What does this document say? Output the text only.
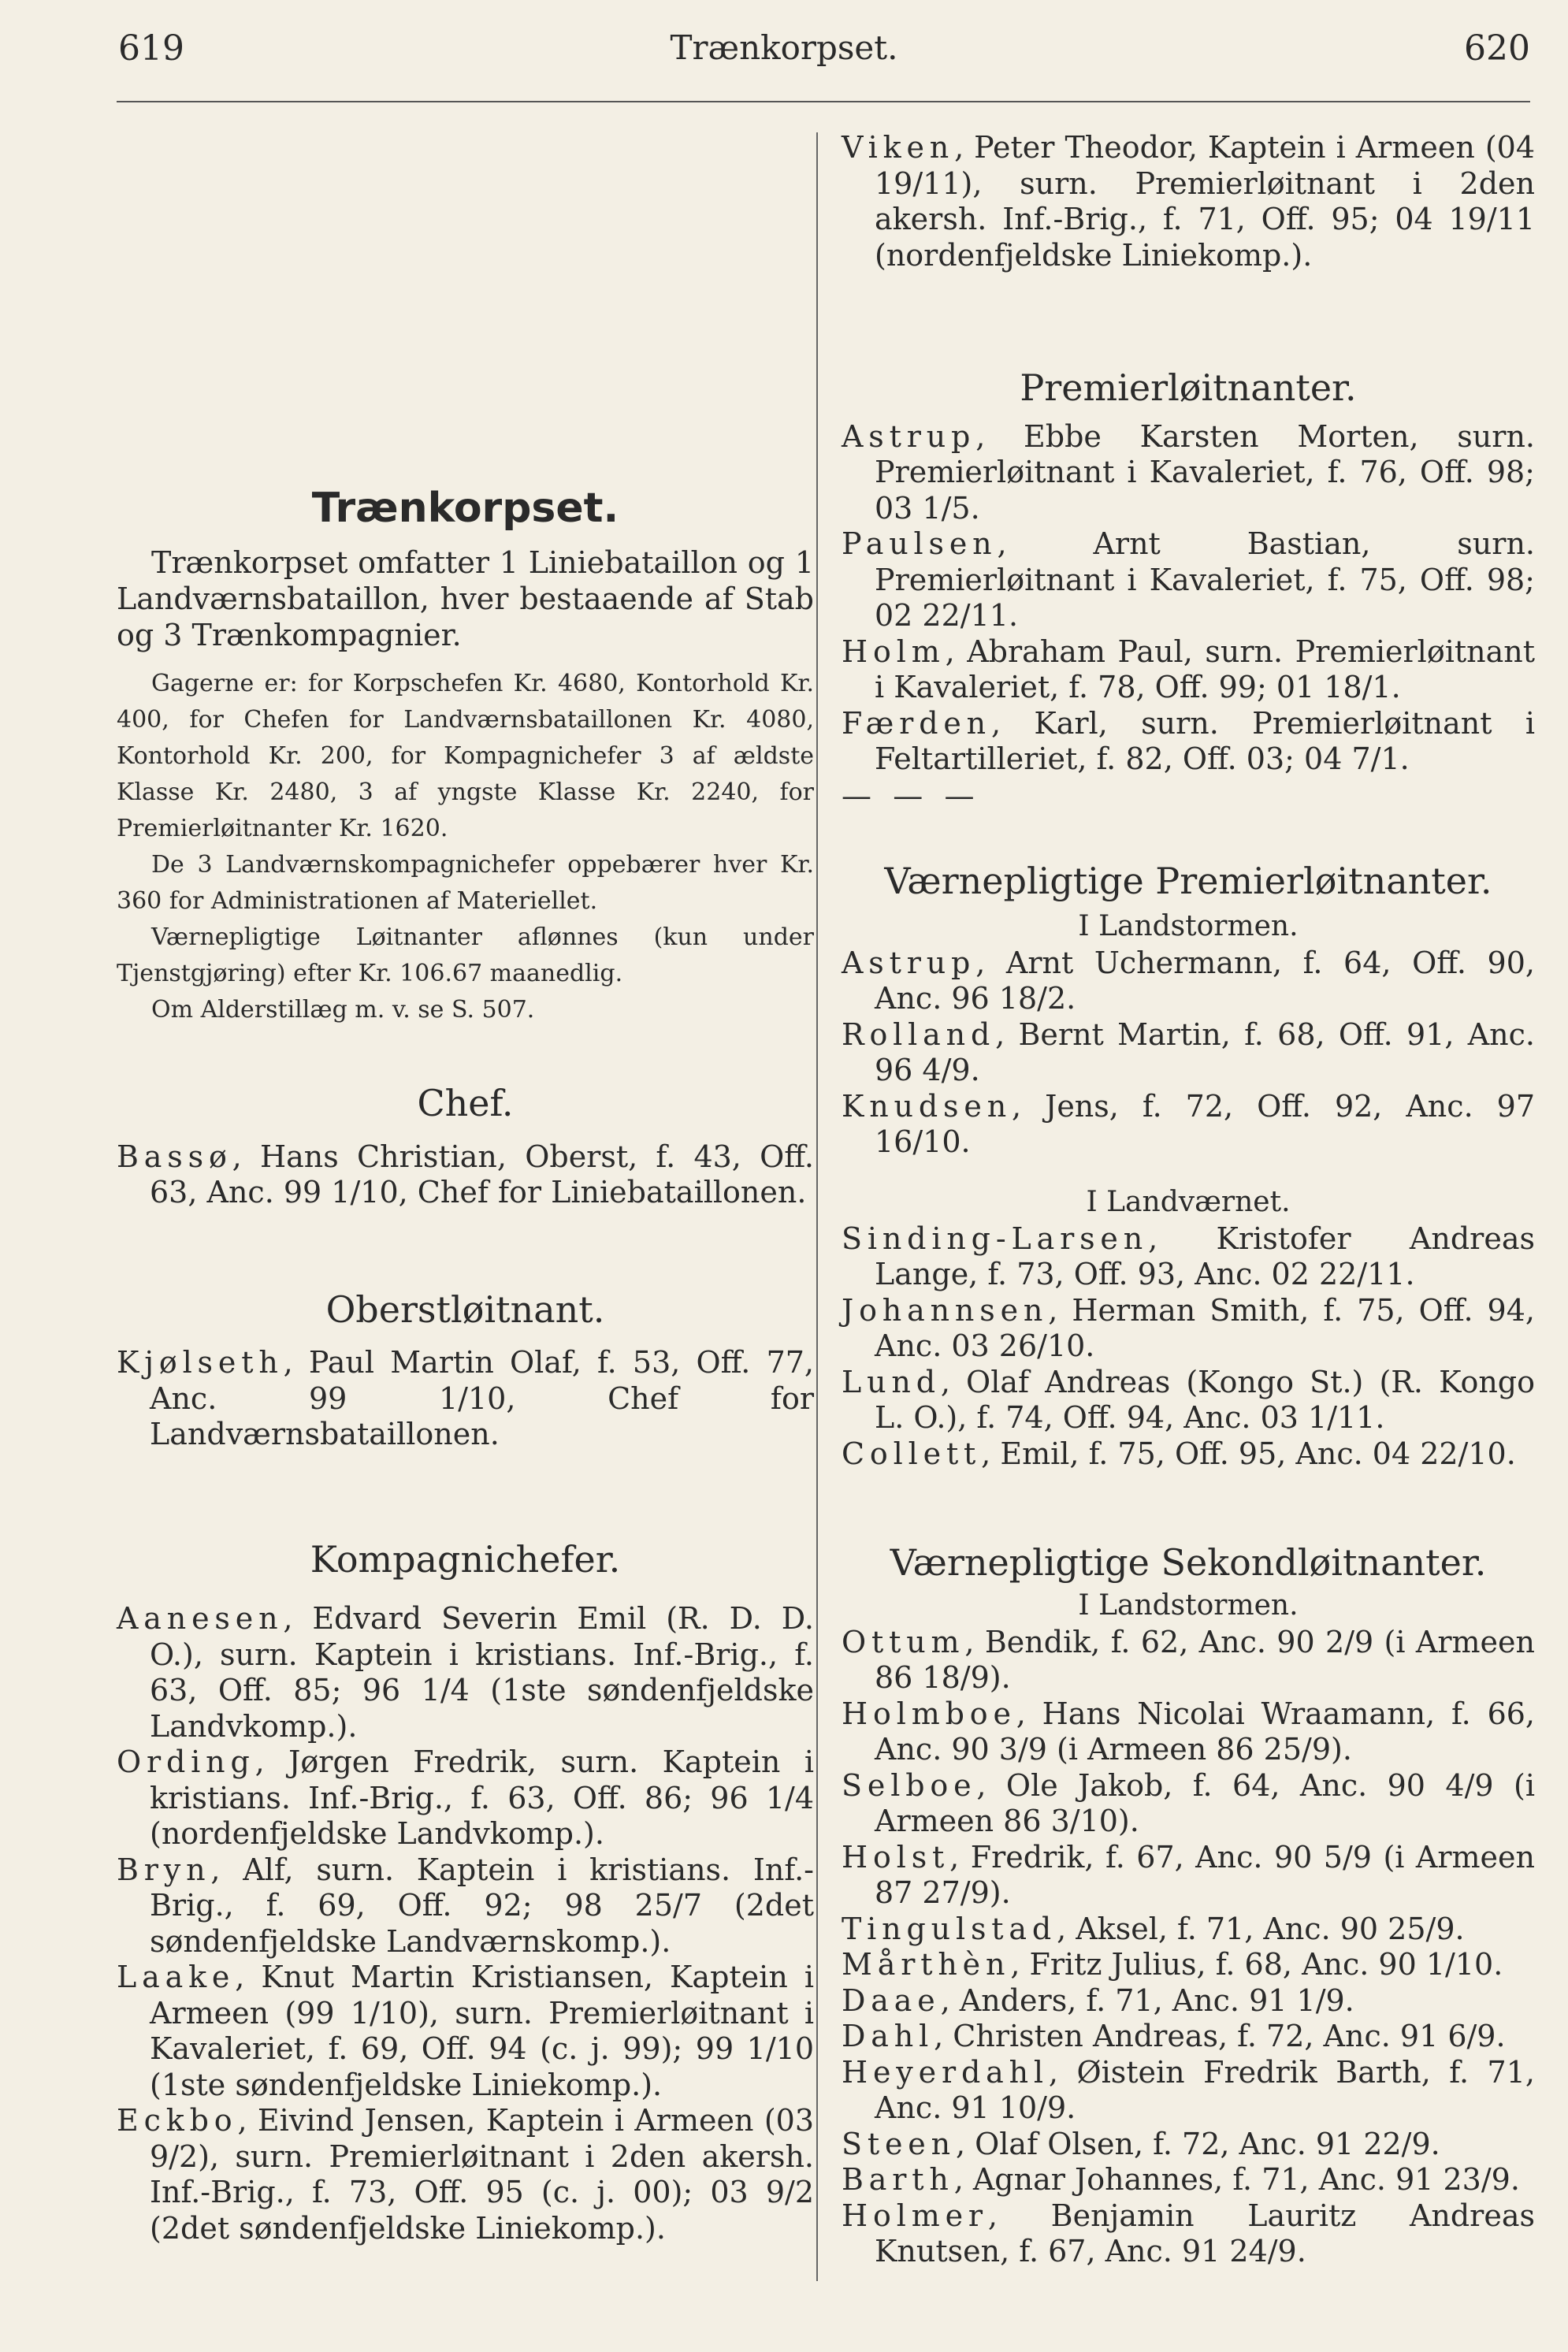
619	Trænkorpset.	620
Trænkorpset.

Trænkorpset omfatter 1 Liniebataillon og 1 Landværnsbataillon, hver bestaaende af Stab og 3 Trænkompagnier.

Gagerne er: for Korpschefen Kr. 4680, Kontorhold Kr. 400, for Chefen for Landværnsbataillonen Kr. 4080, Kontorhold Kr. 200, for Kompagnichefer 3 af ældste Klasse Kr. 2480, 3 af yngste Klasse Kr. 2240, for Premierløitnanter Kr. 1620.

De 3 Landværnskompagnichefer oppebærer hver Kr. 360 for Administrationen af Materiellet.

Værnepligtige Løitnanter aflønnes (kun under Tjenstgjøring) efter Kr. 106.67 maanedlig.

Om Alderstillæg m. v. se S. 507.

Chef.

Bassø, Hans Christian, Oberst, f. 43, Off. 63, Anc. 99 1/10, Chef for Liniebataillonen.

Oberstløitnant.

Kjølseth, Paul Martin Olaf, f. 53, Off. 77, Anc. 99 1/10, Chef for Landværnsbataillonen.

Kompagnichefer.

Aanesen, Edvard Severin Emil (R. D. D. O.), surn. Kaptein i kristians. Inf.-Brig., f. 63, Off. 85; 96 1/4 (1ste søndenfjeldske Landvkomp.).

Ording, Jørgen Fredrik, surn. Kaptein i kristians. Inf.-Brig., f. 63, Off. 86; 96 1/4 (nordenfjeldske Landvkomp.).

Bryn, Alf, surn. Kaptein i kristians. Inf.-Brig., f. 69, Off. 92; 98 25/7 (2det søndenfjeldske Landværnskomp.).

Laake, Knut Martin Kristiansen, Kaptein i Armeen (99 1/10), surn. Premierløitnant i Kavaleriet, f. 69, Off. 94 (c. j. 99); 99 1/10 (1ste søndenfjeldske Liniekomp.).

Eckbo, Eivind Jensen, Kaptein i Armeen (03 9/2), surn. Premierløitnant i 2den akersh. Inf.-Brig., f. 73, Off. 95 (c. j. 00); 03 9/2 (2det søndenfjeldske Liniekomp.).

Viken, Peter Theodor, Kaptein i Armeen (04 19/11), surn. Premierløitnant i 2den akersh. Inf.-Brig., f. 71, Off. 95; 04 19/11 (nordenfjeldske Liniekomp.).

Premierløitnanter.

Astrup, Ebbe Karsten Morten, surn. Premierløitnant i Kavaleriet, f. 76, Off. 98; 03 1/5.

Paulsen, Arnt Bastian, surn. Premierløitnant i Kavaleriet, f. 75, Off. 98; 02 22/11.

Holm, Abraham Paul, surn. Premierløitnant i Kavaleriet, f. 78, Off. 99; 01 18/1.

Færden, Karl, surn. Premierløitnant i Feltartilleriet, f. 82, Off. 03; 04 7/1.

— — —

Værnepligtige Premierløitnanter.

I Landstormen.

Astrup, Arnt Uchermann, f. 64, Off. 90, Anc. 96 18/2.

Rolland, Bernt Martin, f. 68, Off. 91, Anc. 96 4/9.

Knudsen, Jens, f. 72, Off. 92, Anc. 97 16/10.

I Landværnet.

Sinding-Larsen, Kristofer Andreas Lange, f. 73, Off. 93, Anc. 02 22/11.

Johannsen, Herman Smith, f. 75, Off. 94, Anc. 03 26/10.

Lund, Olaf Andreas (Kongo St.) (R. Kongo L. O.), f. 74, Off. 94, Anc. 03 1/11.

Collett, Emil, f. 75, Off. 95, Anc. 04 22/10.

Værnepligtige Sekondløitnanter.

I Landstormen.

Ottum, Bendik, f. 62, Anc. 90 2/9 (i Armeen 86 18/9).

Holmboe, Hans Nicolai Wraamann, f. 66, Anc. 90 3/9 (i Armeen 86 25/9).

Selboe, Ole Jakob, f. 64, Anc. 90 4/9 (i Armeen 86 3/10).

Holst, Fredrik, f. 67, Anc. 90 5/9 (i Armeen 87 27/9).

Tingulstad, Aksel, f. 71, Anc. 90 25/9.

Mårthèn, Fritz Julius, f. 68, Anc. 90 1/10.

Daae, Anders, f. 71, Anc. 91 1/9.

Dahl, Christen Andreas, f. 72, Anc. 91 6/9.

Heyerdahl, Øistein Fredrik Barth, f. 71, Anc. 91 10/9.

Steen, Olaf Olsen, f. 72, Anc. 91 22/9.

Barth, Agnar Johannes, f. 71, Anc. 91 23/9.

Holmer, Benjamin Lauritz Andreas Knutsen, f. 67, Anc. 91 24/9.
